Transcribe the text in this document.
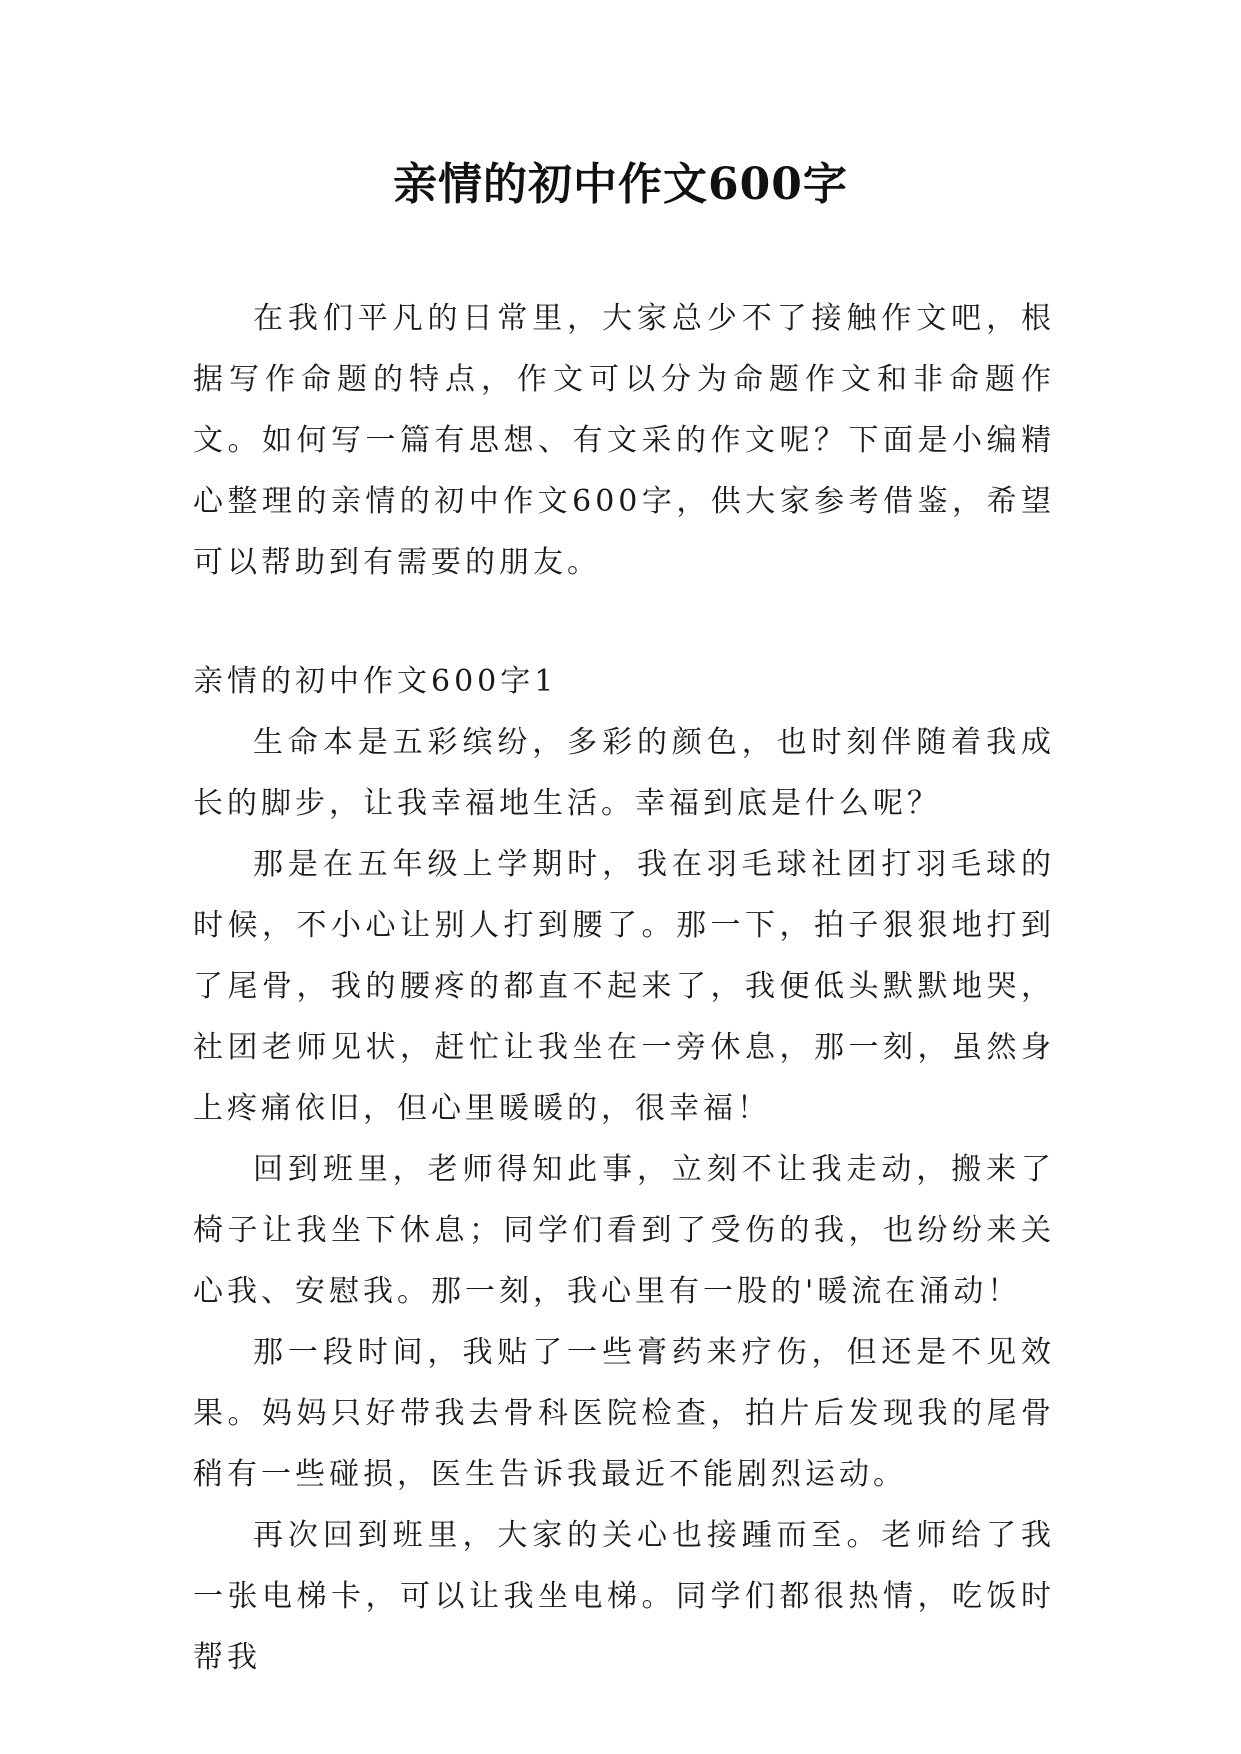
亲情的初中作文600字

在我们平凡的日常里，大家总少不了接触作文吧，根据写作命题的特点，作文可以分为命题作文和非命题作文。如何写一篇有思想、有文采的作文呢？下面是小编精心整理的亲情的初中作文600字，供大家参考借鉴，希望可以帮助到有需要的朋友。

亲情的初中作文600字1

生命本是五彩缤纷，多彩的颜色，也时刻伴随着我成长的脚步，让我幸福地生活。幸福到底是什么呢？

那是在五年级上学期时，我在羽毛球社团打羽毛球的时候，不小心让别人打到腰了。那一下，拍子狠狠地打到了尾骨，我的腰疼的都直不起来了，我便低头默默地哭，社团老师见状，赶忙让我坐在一旁休息，那一刻，虽然身上疼痛依旧，但心里暖暖的，很幸福！

回到班里，老师得知此事，立刻不让我走动，搬来了椅子让我坐下休息；同学们看到了受伤的我，也纷纷来关心我、安慰我。那一刻，我心里有一股的'暖流在涌动！

那一段时间，我贴了一些膏药来疗伤，但还是不见效果。妈妈只好带我去骨科医院检查，拍片后发现我的尾骨稍有一些碰损，医生告诉我最近不能剧烈运动。

再次回到班里，大家的关心也接踵而至。老师给了我一张电梯卡，可以让我坐电梯。同学们都很热情，吃饭时帮我
